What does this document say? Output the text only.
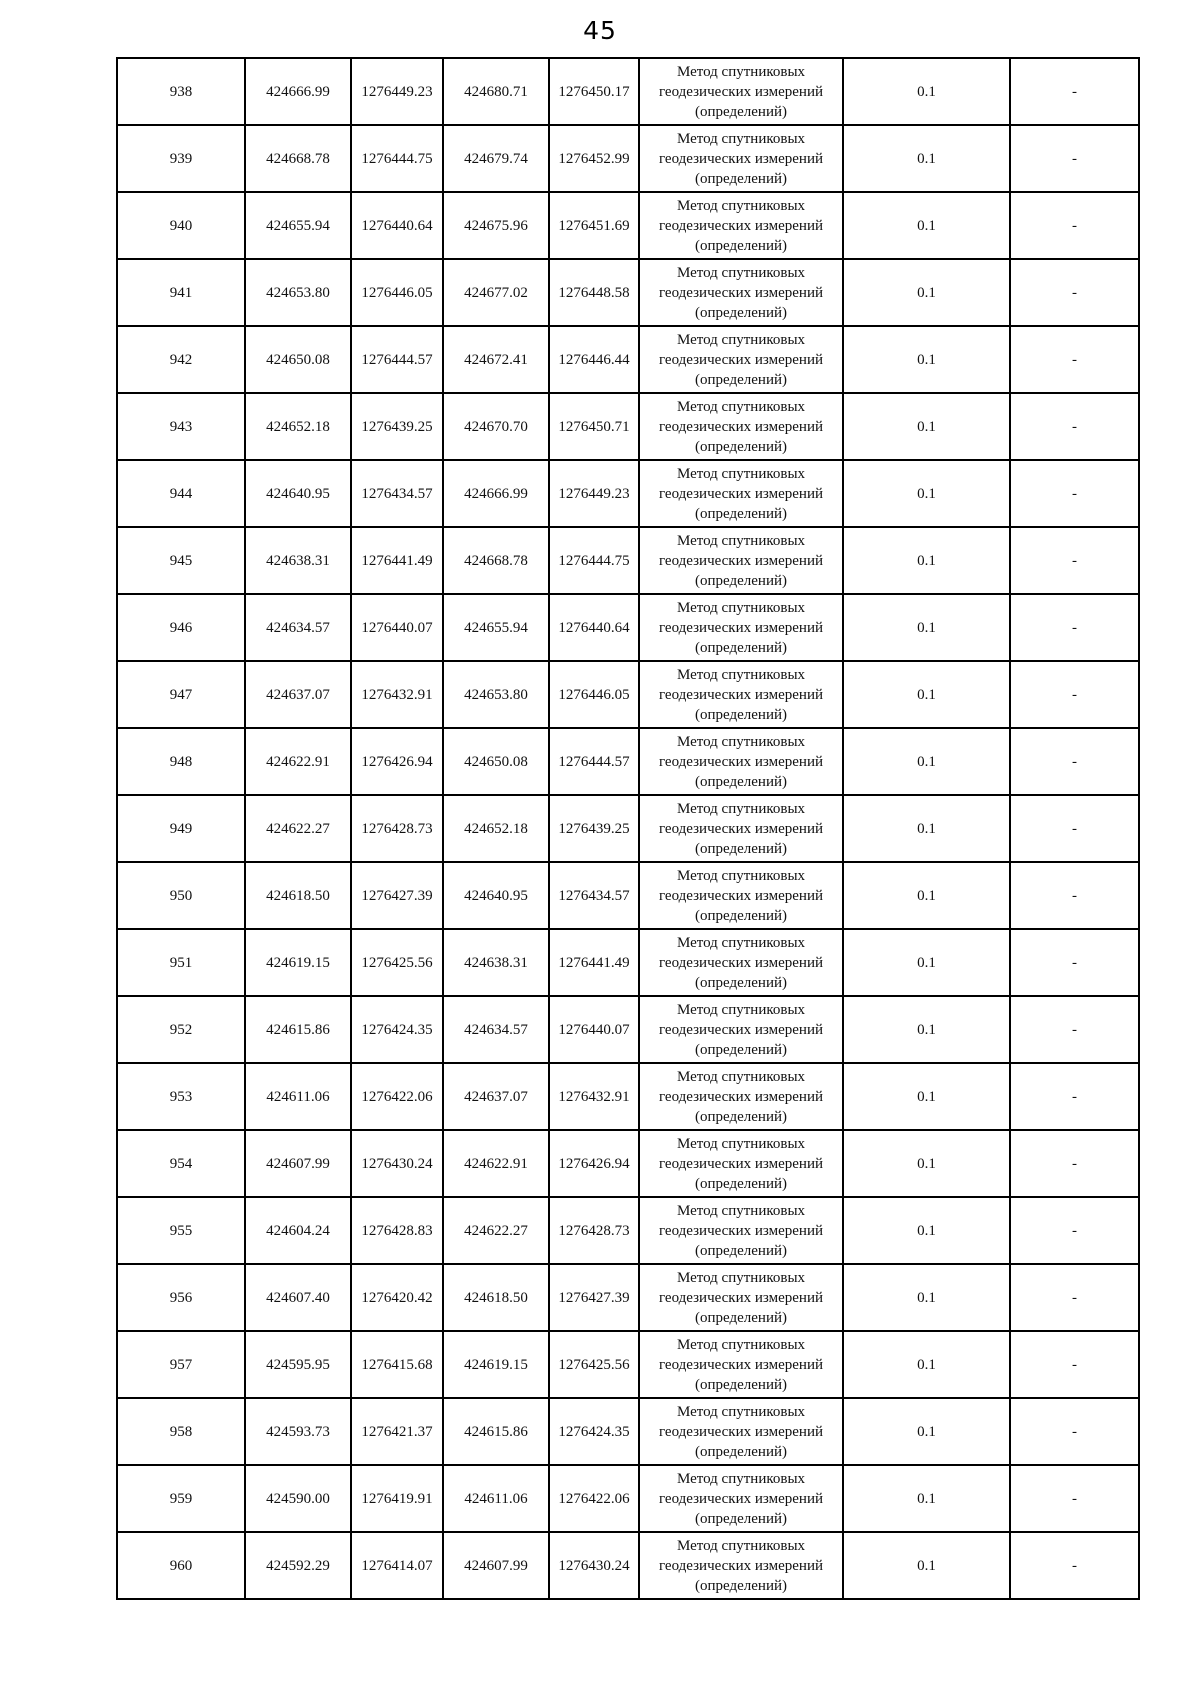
45
938	424666.99	1276449.23	424680.71	1276450.17	Метод спутниковых
геодезических измерений
(определений)	0.1	-
939	424668.78	1276444.75	424679.74	1276452.99	Метод спутниковых
геодезических измерений
(определений)	0.1	-
940	424655.94	1276440.64	424675.96	1276451.69	Метод спутниковых
геодезических измерений
(определений)	0.1	-
941	424653.80	1276446.05	424677.02	1276448.58	Метод спутниковых
геодезических измерений
(определений)	0.1	-
942	424650.08	1276444.57	424672.41	1276446.44	Метод спутниковых
геодезических измерений
(определений)	0.1	-
943	424652.18	1276439.25	424670.70	1276450.71	Метод спутниковых
геодезических измерений
(определений)	0.1	-
944	424640.95	1276434.57	424666.99	1276449.23	Метод спутниковых
геодезических измерений
(определений)	0.1	-
945	424638.31	1276441.49	424668.78	1276444.75	Метод спутниковых
геодезических измерений
(определений)	0.1	-
946	424634.57	1276440.07	424655.94	1276440.64	Метод спутниковых
геодезических измерений
(определений)	0.1	-
947	424637.07	1276432.91	424653.80	1276446.05	Метод спутниковых
геодезических измерений
(определений)	0.1	-
948	424622.91	1276426.94	424650.08	1276444.57	Метод спутниковых
геодезических измерений
(определений)	0.1	-
949	424622.27	1276428.73	424652.18	1276439.25	Метод спутниковых
геодезических измерений
(определений)	0.1	-
950	424618.50	1276427.39	424640.95	1276434.57	Метод спутниковых
геодезических измерений
(определений)	0.1	-
951	424619.15	1276425.56	424638.31	1276441.49	Метод спутниковых
геодезических измерений
(определений)	0.1	-
952	424615.86	1276424.35	424634.57	1276440.07	Метод спутниковых
геодезических измерений
(определений)	0.1	-
953	424611.06	1276422.06	424637.07	1276432.91	Метод спутниковых
геодезических измерений
(определений)	0.1	-
954	424607.99	1276430.24	424622.91	1276426.94	Метод спутниковых
геодезических измерений
(определений)	0.1	-
955	424604.24	1276428.83	424622.27	1276428.73	Метод спутниковых
геодезических измерений
(определений)	0.1	-
956	424607.40	1276420.42	424618.50	1276427.39	Метод спутниковых
геодезических измерений
(определений)	0.1	-
957	424595.95	1276415.68	424619.15	1276425.56	Метод спутниковых
геодезических измерений
(определений)	0.1	-
958	424593.73	1276421.37	424615.86	1276424.35	Метод спутниковых
геодезических измерений
(определений)	0.1	-
959	424590.00	1276419.91	424611.06	1276422.06	Метод спутниковых
геодезических измерений
(определений)	0.1	-
960	424592.29	1276414.07	424607.99	1276430.24	Метод спутниковых
геодезических измерений
(определений)	0.1	-
